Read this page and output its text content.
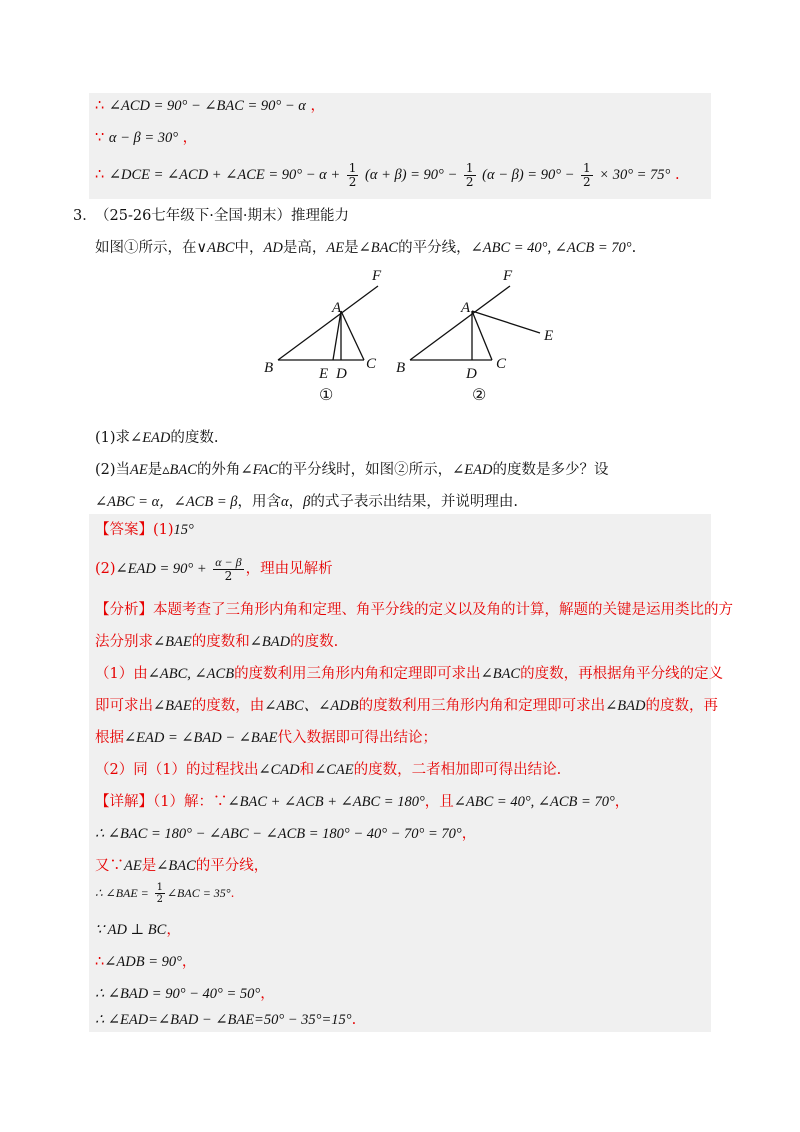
∴ ∠ACD = 90° − ∠BAC = 90° − α ，
∵ α − β = 30° ，
∴ ∠DCE = ∠ACD + ∠ACE = $90^\circ - \alpha + \frac{1}{2} (\alpha + \beta) = 90^\circ - \frac{1}{2} (\alpha - \beta) = 90^\circ - \frac{1}{2} \times 30^\circ = 75^\circ$ .
3．
（25-26七年级下·全国·期末）推理能力
如图①所示，在∨ABC中，AD是高，AE是∠BAC的平分线，∠ABC = 40°, ∠ACB = 70°.
F
A
B	E D
C
①
F
A
E
B	D
C
②
(1)求∠EAD的度数.
(2)当AE是▵BAC的外角∠FAC的平分线时，如图②所示，∠EAD的度数是多少？设
∠ABC = α，∠ACB = β，用含α，β的式子表示出结果，并说明理由.
【答案】(1)15°
(2)∠EAD = $90^\circ + \frac{\alpha - \beta}{2}$ ，理由见解析
【分析】本题考查了三角形内角和定理、角平分线的定义以及角的计算，解题的关键是运用类比的方
法分别求∠BAE的度数和∠BAD的度数.
（1）由∠ABC, ∠ACB的度数利用三角形内角和定理即可求出∠BAC的度数，再根据角平分线的定义
即可求出∠BAE的度数，由∠ABC、∠ADB的度数利用三角形内角和定理即可求出∠BAD的度数，再
根据∠EAD = ∠BAD − ∠BAE代入数据即可得出结论；
（2）同（1）的过程找出∠CAD和∠CAE的度数，二者相加即可得出结论.
【详解】（1）解：∵∠BAC + ∠ACB + ∠ABC = 180°，且∠ABC = 40°, ∠ACB = 70°，
∴ ∠BAC = 180° − ∠ABC − ∠ACB = 180° − 40° − 70° = 70°，
又∵AE是∠BAC的平分线，
∴ ∠BAE = $\frac{1}{2}$ ∠BAC = 35°.
∵ AD ⊥ BC，
∴∠ADB = 90°，
∴ ∠BAD = 90° − 40° = 50°，
∴ ∠EAD=∠BAD − ∠BAE=50° − 35°=15°.
